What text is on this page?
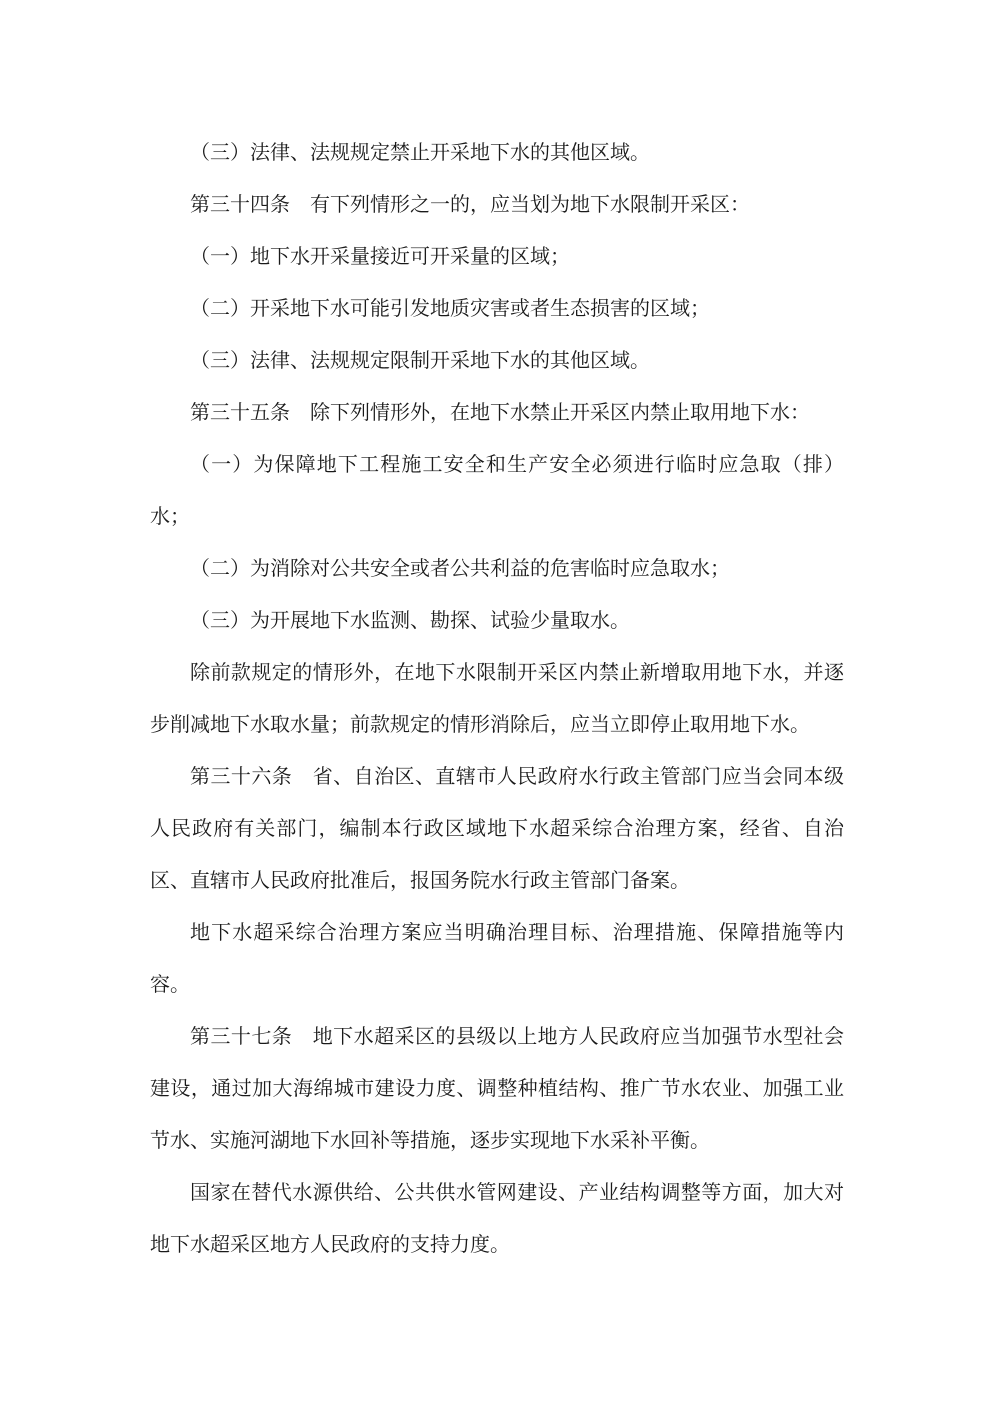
（三）法律、法规规定禁止开采地下水的其他区域。

第三十四条　有下列情形之一的，应当划为地下水限制开采区：

（一）地下水开采量接近可开采量的区域；

（二）开采地下水可能引发地质灾害或者生态损害的区域；

（三）法律、法规规定限制开采地下水的其他区域。

第三十五条　除下列情形外，在地下水禁止开采区内禁止取用地下水：

（一）为保障地下工程施工安全和生产安全必须进行临时应急取（排）水；

（二）为消除对公共安全或者公共利益的危害临时应急取水；

（三）为开展地下水监测、勘探、试验少量取水。

除前款规定的情形外，在地下水限制开采区内禁止新增取用地下水，并逐步削减地下水取水量；前款规定的情形消除后，应当立即停止取用地下水。

第三十六条　省、自治区、直辖市人民政府水行政主管部门应当会同本级人民政府有关部门，编制本行政区域地下水超采综合治理方案，经省、自治区、直辖市人民政府批准后，报国务院水行政主管部门备案。

地下水超采综合治理方案应当明确治理目标、治理措施、保障措施等内容。

第三十七条　地下水超采区的县级以上地方人民政府应当加强节水型社会建设，通过加大海绵城市建设力度、调整种植结构、推广节水农业、加强工业节水、实施河湖地下水回补等措施，逐步实现地下水采补平衡。

国家在替代水源供给、公共供水管网建设、产业结构调整等方面，加大对地下水超采区地方人民政府的支持力度。
